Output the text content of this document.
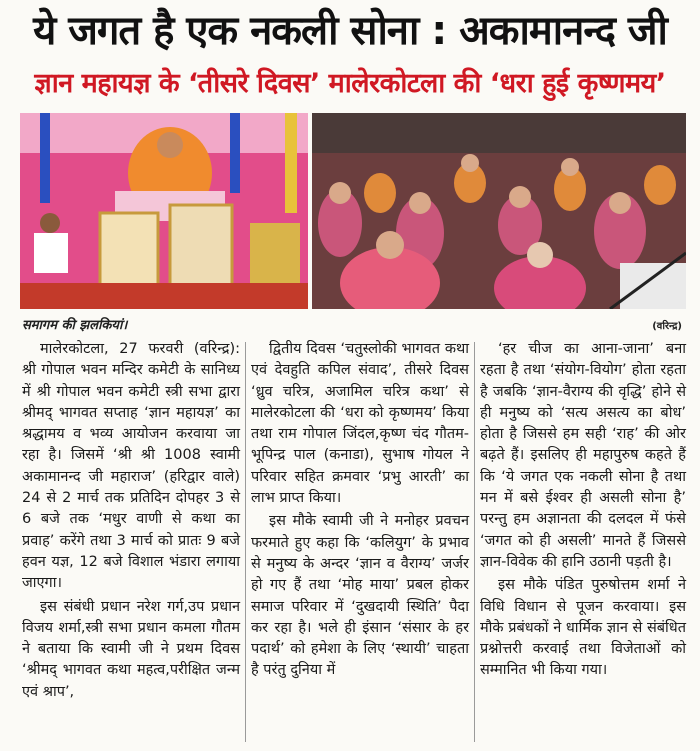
ये जगत है एक नकली सोना : अकामानन्द जी
ज्ञान महायज्ञ के ‘तीसरे दिवस’ मालेरकोटला की ‘धरा हुई कृष्णमय’
समागम की झलकियां।	(वरिन्द्र)

मालेरकोटला, 27 फरवरी (वरिन्द्र): श्री गोपाल भवन मन्दिर कमेटी के सानिध्य में श्री गोपाल भवन कमेटी स्त्री सभा द्वारा श्रीमद् भागवत सप्ताह ‘ज्ञान महायज्ञ’ का श्रद्धामय व भव्य आयोजन करवाया जा रहा है। जिसमें ‘श्री श्री 1008 स्वामी अकामानन्द जी महाराज’ (हरिद्वार वाले) 24 से 2 मार्च तक प्रतिदिन दोपहर 3 से 6 बजे तक ‘मधुर वाणी से कथा का प्रवाह’ करेंगे तथा 3 मार्च को प्रातः 9 बजे हवन यज्ञ, 12 बजे विशाल भंडारा लगाया जाएगा।

इस संबंधी प्रधान नरेश गर्ग,उप प्रधान विजय शर्मा,स्त्री सभा प्रधान कमला गौतम ने बताया कि स्वामी जी ने प्रथम दिवस ‘श्रीमद् भागवत कथा महत्व,परीक्षित जन्म एवं श्राप’,

द्वितीय दिवस ‘चतुस्लोकी भागवत कथा एवं देवहुति कपिल संवाद’, तीसरे दिवस ‘ध्रुव चरित्र, अजामिल चरित्र कथा’ से मालेरकोटला की ‘धरा को कृष्णमय’ किया तथा राम गोपाल जिंदल,कृष्ण चंद गौतम-भूपिन्द्र पाल (कनाडा), सुभाष गोयल ने परिवार सहित क्रमवार ‘प्रभु आरती’ का लाभ प्राप्त किया।

इस मौके स्वामी जी ने मनोहर प्रवचन फरमाते हुए कहा कि ‘कलियुग’ के प्रभाव से मनुष्य के अन्दर ‘ज्ञान व वैराग्य’ जर्जर हो गए हैं तथा ‘मोह माया’ प्रबल होकर समाज परिवार में ‘दुखदायी स्थिति’ पैदा कर रहा है। भले ही इंसान ‘संसार के हर पदार्थ’ को हमेशा के लिए ‘स्थायी’ चाहता है परंतु दुनिया में

‘हर चीज का आना-जाना’ बना रहता है तथा ‘संयोग-वियोग’ होता रहता है जबकि ‘ज्ञान-वैराग्य की वृद्धि’ होने से ही मनुष्य को ‘सत्य असत्य का बोध’ होता है जिससे हम सही ‘राह’ की ओर बढ़ते हैं। इसलिए ही महापुरुष कहते हैं कि ‘ये जगत एक नकली सोना है तथा मन में बसे ईश्वर ही असली सोना है’ परन्तु हम अज्ञानता की दलदल में फंसे ‘जगत को ही असली’ मानते हैं जिससे ज्ञान-विवेक की हानि उठानी पड़ती है।

इस मौके पंडित पुरुषोत्तम शर्मा ने विधि विधान से पूजन करवाया। इस मौके प्रबंधकों ने धार्मिक ज्ञान से संबंधित प्रश्नोत्तरी करवाई तथा विजेताओं को सम्मानित भी किया गया।
